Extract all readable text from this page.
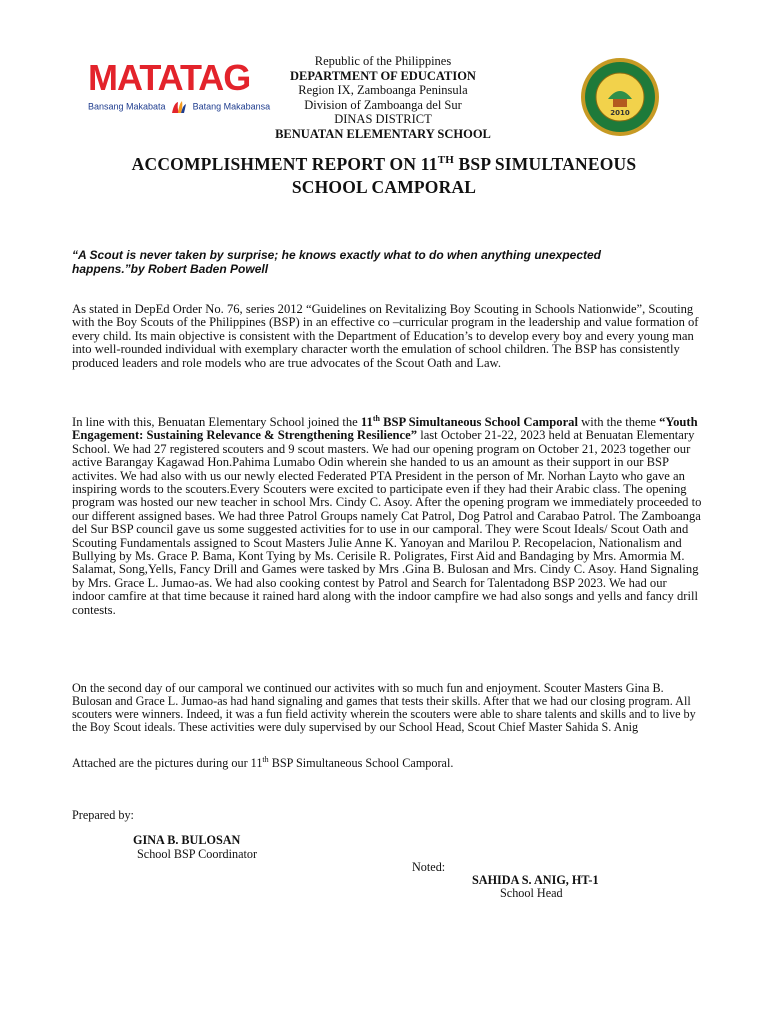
MATATAG
Bansang Makabata	Batang Makabansa
Republic of the Philippines
DEPARTMENT OF EDUCATION
Region IX, Zamboanga Peninsula
Division of Zamboanga del Sur
DINAS DISTRICT
BENUATAN ELEMENTARY SCHOOL
2010
ACCOMPLISHMENT REPORT ON 11TH BSP SIMULTANEOUS
SCHOOL CAMPORAL
“A Scout is never taken by surprise; he knows exactly what to do when anything unexpected
happens.”by Robert Baden Powell
As stated in DepEd Order No. 76, series 2012 “Guidelines on Revitalizing Boy Scouting in Schools Nationwide”, Scouting with the Boy Scouts of the Philippines (BSP) in an effective co –curricular program in the leadership and value formation of every child. Its main objective is consistent with the Department of Education’s to develop every boy and every young man into well-rounded individual with exemplary character worth the emulation of school children. The BSP has consistently produced leaders and role models who are true advocates of the Scout Oath and Law.
In line with this, Benuatan Elementary School joined the 11th BSP Simultaneous School Camporal with the theme “Youth Engagement: Sustaining Relevance & Strengthening Resilience” last October 21-22, 2023 held at Benuatan Elementary School. We had 27 registered scouters and 9 scout masters. We had our opening program on October 21, 2023 together our active Barangay Kagawad Hon.Pahima Lumabo Odin wherein she handed to us an amount as their support in our BSP activites. We had also with us our newly elected Federated PTA President in the person of Mr. Norhan Layto who gave an inspiring words to the scouters.Every Scouters were excited to participate even if they had their Arabic class. The opening program was hosted our new teacher in school Mrs. Cindy C. Asoy. After the opening program we immediately proceeded to our different assigned bases. We had three Patrol Groups namely Cat Patrol, Dog Patrol and Carabao Patrol. The Zamboanga del Sur BSP council gave us some suggested activities for to use in our camporal. They were Scout Ideals/ Scout Oath and Scouting Fundamentals assigned to Scout Masters Julie Anne K. Yanoyan and Marilou P. Recopelacion, Nationalism and Bullying by Ms. Grace P. Bama, Kont Tying by Ms. Cerisile R. Poligrates, First Aid and Bandaging by Mrs. Amormia M. Salamat, Song,Yells, Fancy Drill and Games were tasked by Mrs .Gina B. Bulosan and Mrs. Cindy C. Asoy. Hand Signaling by Mrs. Grace L. Jumao-as. We had also cooking contest by Patrol and Search for Talentadong BSP 2023. We had our indoor camfire at that time because it rained hard along with the indoor campfire we had also songs and yells and fancy drill contests.
On the second day of our camporal we continued our activites with so much fun and enjoyment. Scouter Masters Gina B. Bulosan and Grace L. Jumao-as had hand signaling and games that tests their skills. After that we had our closing program. All scouters were winners. Indeed, it was a fun field activity wherein the scouters were able to share talents and skills and to live by the Boy Scout ideals. These activities were duly supervised by our School Head, Scout Chief Master Sahida S. Anig
Attached are the pictures during our 11th BSP Simultaneous School Camporal.
Prepared by:
GINA B. BULOSAN
School BSP Coordinator
Noted:
SAHIDA S. ANIG, HT-1
School Head
